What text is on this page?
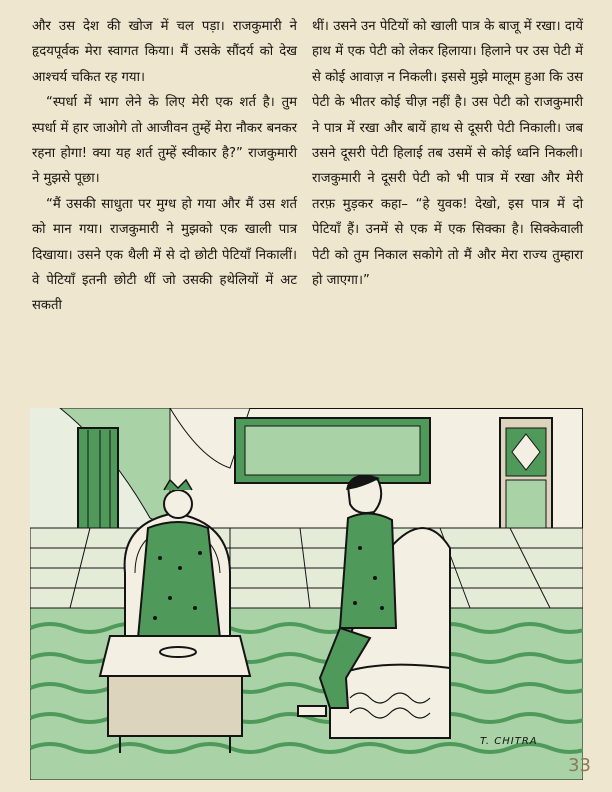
और उस देश की खोज में चल पड़ा। राजकुमारी ने हृदयपूर्वक मेरा स्वागत किया। मैं उसके सौंदर्य को देख आश्चर्य चकित रह गया।

“स्पर्धा में भाग लेने के लिए मेरी एक शर्त है। तुम स्पर्धा में हार जाओगे तो आजीवन तुम्हें मेरा नौकर बनकर रहना होगा! क्या यह शर्त तुम्हें स्वीकार है?” राजकुमारी ने मुझसे पूछा।

“मैं उसकी साधुता पर मुग्ध हो गया और मैं उस शर्त को मान गया। राजकुमारी ने मुझको एक खाली पात्र दिखाया। उसने एक थैली में से दो छोटी पेटियाँ निकालीं। वे पेटियाँ इतनी छोटी थीं जो उसकी हथेलियों में अट सकती

थीं। उसने उन पेटियों को खाली पात्र के बाजू में रखा। दायें हाथ में एक पेटी को लेकर हिलाया। हिलाने पर उस पेटी में से कोई आवाज़ न निकली। इससे मुझे मालूम हुआ कि उस पेटी के भीतर कोई चीज़ नहीं है। उस पेटी को राजकुमारी ने पात्र में रखा और बायें हाथ से दूसरी पेटी निकाली। जब उसने दूसरी पेटी हिलाई तब उसमें से कोई ध्वनि निकली। राजकुमारी ने दूसरी पेटी को भी पात्र में रखा और मेरी तरफ़ मुड़कर कहा– “हे युवक! देखो, इस पात्र में दो पेटियाँ हैं। उनमें से एक में एक सिक्का है। सिक्केवाली पेटी को तुम निकाल सकोगे तो मैं और मेरा राज्य तुम्हारा हो जाएगा।”

T. CHITRA
33
